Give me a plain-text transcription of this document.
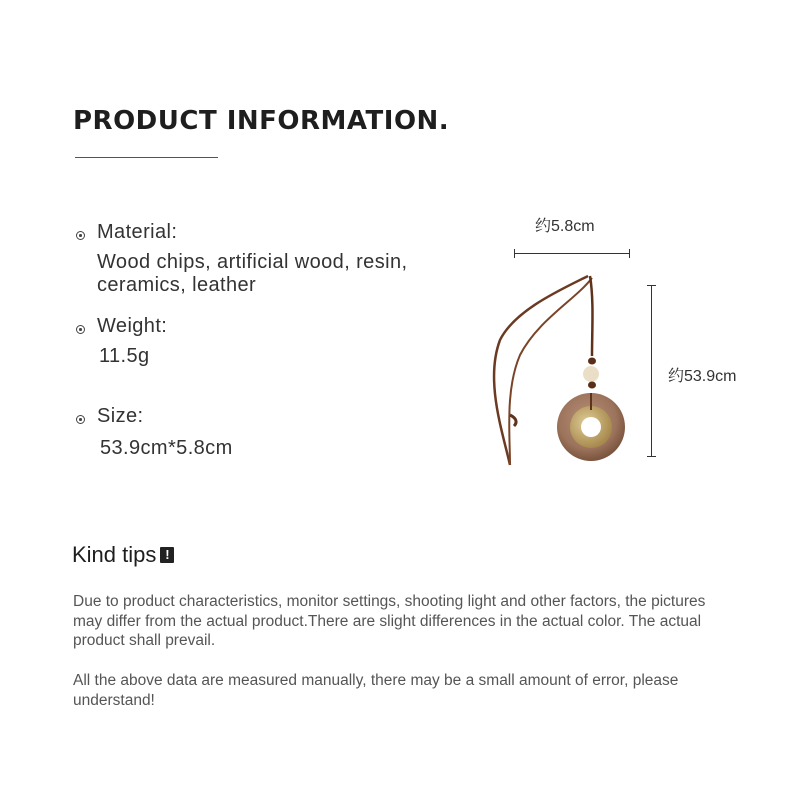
PRODUCT INFORMATION.
Material:
Wood chips, artificial wood, resin,
ceramics, leather
Weight:
11.5g
Size:
53.9cm*5.8cm
约5.8cm
约53.9cm
Kind tips !

Due to product characteristics, monitor settings, shooting light and other factors, the pictures may differ from the actual product.There are slight differences in the actual color. The actual product shall prevail.

All the above data are measured manually, there may be a small amount of error, please understand!
